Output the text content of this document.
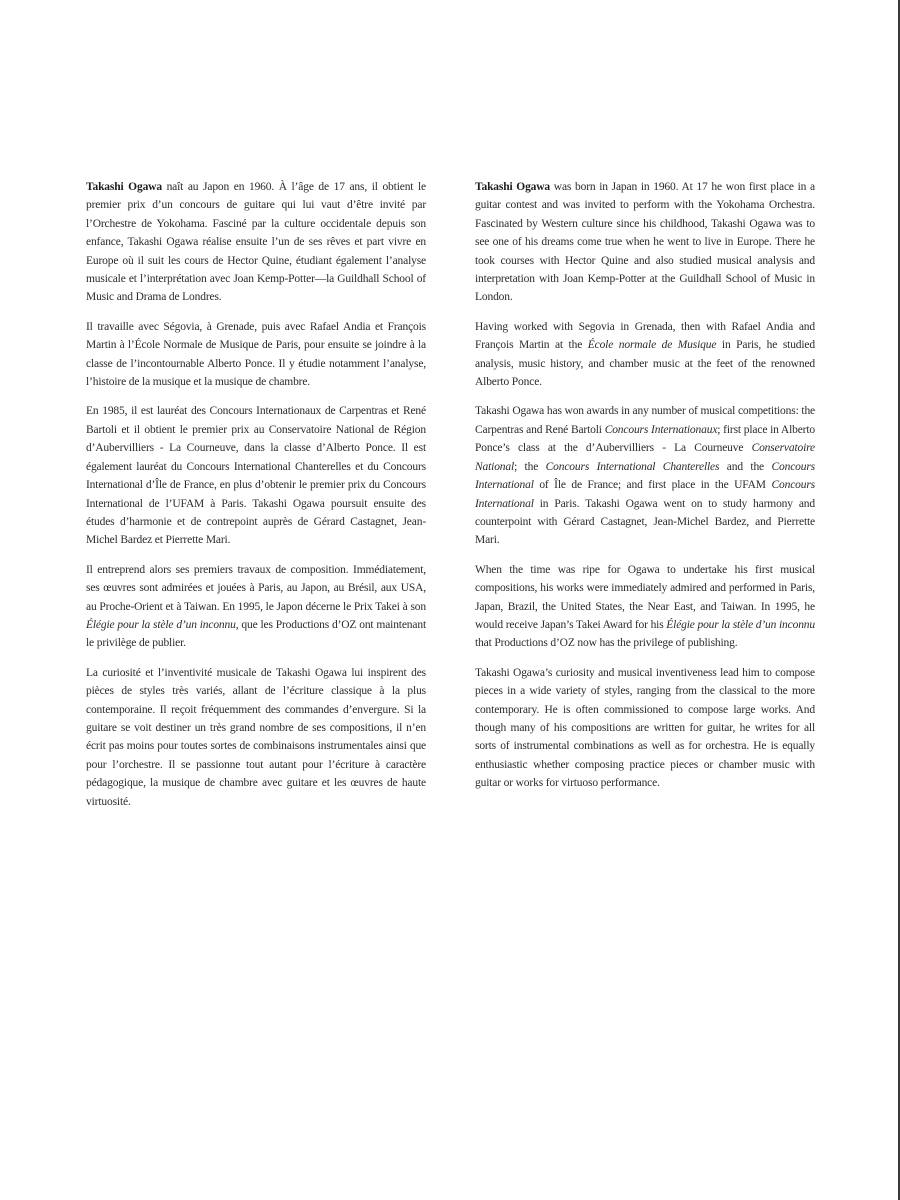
Takashi Ogawa naît au Japon en 1960. À l’âge de 17 ans, il obtient le premier prix d’un concours de guitare qui lui vaut d’être invité par l’Orchestre de Yokohama. Fasciné par la culture occidentale depuis son enfance, Takashi Ogawa réalise ensuite l’un de ses rêves et part vivre en Europe où il suit les cours de Hector Quine, étudiant également l’analyse musicale et l’interprétation avec Joan Kemp-Potter—la Guildhall School of Music and Drama de Londres.

Il travaille avec Ségovia, à Grenade, puis avec Rafael Andia et François Martin à l’École Normale de Musique de Paris, pour ensuite se joindre à la classe de l’incontournable Alberto Ponce. Il y étudie notamment l’analyse, l’histoire de la musique et la musique de chambre.

En 1985, il est lauréat des Concours Internationaux de Carpentras et René Bartoli et il obtient le premier prix au Conservatoire National de Région d’Aubervilliers - La Courneuve, dans la classe d’Alberto Ponce. Il est également lauréat du Concours International Chanterelles et du Concours International d’Île de France, en plus d’obtenir le premier prix du Concours International de l’UFAM à Paris. Takashi Ogawa poursuit ensuite des études d’harmonie et de contrepoint auprès de Gérard Castagnet, Jean-Michel Bardez et Pierrette Mari.

Il entreprend alors ses premiers travaux de composition. Immédiatement, ses œuvres sont admirées et jouées à Paris, au Japon, au Brésil, aux USA, au Proche-Orient et à Taiwan. En 1995, le Japon décerne le Prix Takei à son Élégie pour la stèle d’un inconnu, que les Productions d’OZ ont maintenant le privilège de publier.

La curiosité et l’inventivité musicale de Takashi Ogawa lui inspirent des pièces de styles très variés, allant de l’écriture classique à la plus contemporaine. Il reçoit fréquemment des commandes d’envergure. Si la guitare se voit destiner un très grand nombre de ses compositions, il n’en écrit pas moins pour toutes sortes de combinaisons instrumentales ainsi que pour l’orchestre. Il se passionne tout autant pour l’écriture à caractère pédagogique, la musique de chambre avec guitare et les œuvres de haute virtuosité.

Takashi Ogawa was born in Japan in 1960. At 17 he won first place in a guitar contest and was invited to perform with the Yokohama Orchestra. Fascinated by Western culture since his childhood, Takashi Ogawa was to see one of his dreams come true when he went to live in Europe. There he took courses with Hector Quine and also studied musical analysis and interpretation with Joan Kemp-Potter at the Guildhall School of Music in London.

Having worked with Segovia in Grenada, then with Rafael Andia and François Martin at the École normale de Musique in Paris, he studied analysis, music history, and chamber music at the feet of the renowned Alberto Ponce.

Takashi Ogawa has won awards in any number of musical competitions: the Carpentras and René Bartoli Concours Internationaux; first place in Alberto Ponce’s class at the d’Aubervilliers - La Courneuve Conservatoire National; the Concours International Chanterelles and the Concours International of Île de France; and first place in the UFAM Concours International in Paris. Takashi Ogawa went on to study harmony and counterpoint with Gérard Castagnet, Jean-Michel Bardez, and Pierrette Mari.

When the time was ripe for Ogawa to undertake his first musical compositions, his works were immediately admired and performed in Paris, Japan, Brazil, the United States, the Near East, and Taiwan. In 1995, he would receive Japan’s Takei Award for his Élégie pour la stèle d’un inconnu that Productions d’OZ now has the privilege of publishing.

Takashi Ogawa’s curiosity and musical inventiveness lead him to compose pieces in a wide variety of styles, ranging from the classical to the more contemporary. He is often commissioned to compose large works. And though many of his compositions are written for guitar, he writes for all sorts of instrumental combinations as well as for orchestra. He is equally enthusiastic whether composing practice pieces or chamber music with guitar or works for virtuoso performance.
